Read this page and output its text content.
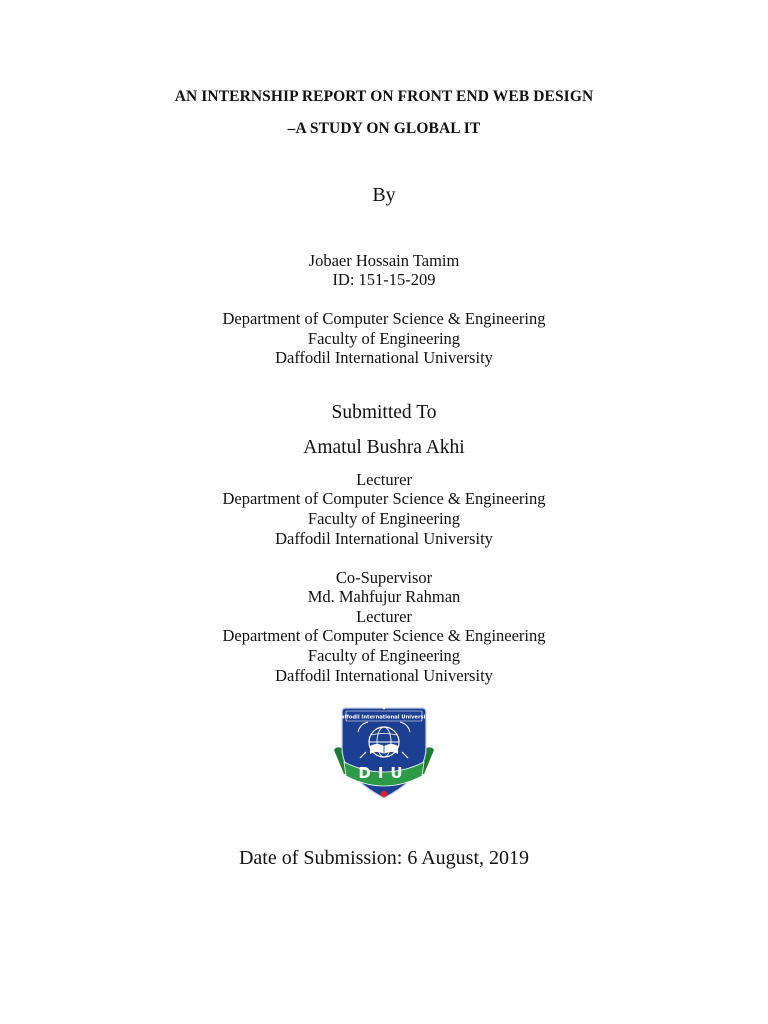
AN INTERNSHIP REPORT ON FRONT END WEB DESIGN
–A STUDY ON GLOBAL IT
By
Jobaer Hossain Tamim
ID: 151-15-209
Department of Computer Science & Engineering
Faculty of Engineering
Daffodil International University
Submitted To
Amatul Bushra Akhi
Lecturer
Department of Computer Science & Engineering
Faculty of Engineering
Daffodil International University
Co-Supervisor
Md. Mahfujur Rahman
Lecturer
Department of Computer Science & Engineering
Faculty of Engineering
Daffodil International University
Daffodil International University
DIU
Date of Submission: 6 August, 2019
